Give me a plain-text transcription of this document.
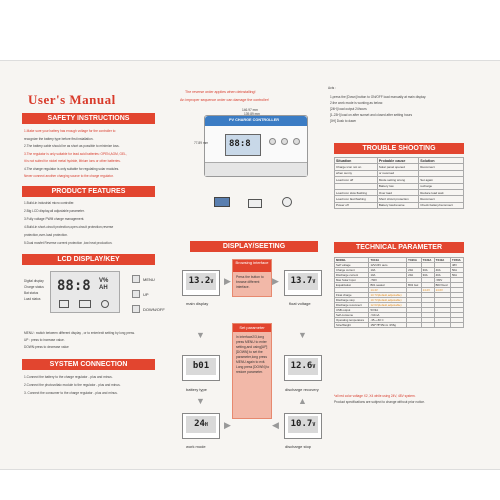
User's Manual
SAFETY INSTRUCTIONS
1.Make sure your battery has enough voltage for the controller to
recognize the battery type before first installation.
2.The battery cable should be as short as possible to minimize loss.
3.The regulator is only suitable for lead acid batteries: OPEN,AGM, GEL,
it is not suited for nickel metal hydride, lithium ions or other batteries.
4.The charge regulator is only suitable for regulating solar modules.
Never connect another charging source to the charge regulator.
PRODUCT FEATURES
1.Build-in industrial micro controller.
2.Big LCD display,all adjustable parameter.
3.Fully voltage PWM charge management.
4.Build-in short-circuit protection,open-circuit protection,reverse
protection,over-load protection.
5.Dual mosfet Reverse current protection ,low heat production.
LCD DISPLAY/KEY
88:8 V%
AH
Digital display
Charge status
Bat status
Load status
MENU
UP
DOWN/OFF
MENU : switch between different display , or to enter/exit setting by long press.
UP : press to increase value.
DOWN:press to decrease value
SYSTEM CONNECTION
1.Connect the battery to the charge regulator - plus and minus.
2.Connect the photovoltaic module to the regulator - plus and minus.
3. Connect the consumer to the charge regulator - plus and minus.
The reverse order applies when deinstalling!
An improper sequence order can damage the controller!
PV CHARGE CONTROLLER
88:8
146.97 mm
139.89 mm
77.89 mm
DISPLAY/SEETING
13.2V
main display
13.7V
float voltage
b01
battery type
12.6V
discharge recovery
24H
work mode
10.7V
discharge stop
▶	▶
▼	▼
▼	▲
▶	◀
Browsing interface
Press the button to browse different interface.
Set parameter
In interface2/3,long press MENU to enter setting,and using[UP] [DOWN] to set the parameter,long press MENU again to exit. Long press [DOWN] to restore parameter.
Acts :
1.press the [Down] button to ON/OFF load manually at main display.
2.the work mode is working as below:
[24H] load output 24hours
[1-23H] load on after sunset and closed after setting hours
[0H] Dusk to dawn
TROUBLE SHOOTING
Situation	Probable cause	Solution
Charge icon not on	Solar panel opened	Reconnect
when sunny	or reversed	
Load icon off	Mode setting wrong	Set again
	Battery low	recharge
Load icon slow flashing	Over load	Reduce load watt
Load icon fast flashing	Short circuit protection	Reconnect
Power off	Battery low/reverse	Check battery/reconnect
TECHNICAL PARAMETER
MODEL	TX10A	TX20A	TX30A	TX40A	TX50A
Self voltage	12V/24V auto				48V
Charge current	10A	20A	30A	40A	50A
Discharge current	10A	20A	30A	40A	50A
Max Solar Input	<50V			<80V	
Equalization	B01 sealed	B02 Gel		B03 flood	
	14.4V		14.2V	14.6V	
Float charge	13.7V(default,adjustable)				
Discharge stop	10.7V(default,adjustable)				
Discharge reconnect	12.6V(default,adjustable)				
USB output	5V/3A				
Self-consume	<10mA				
Operating temperature	-35~+60 C				
Size/Weight	150*78*35mm /156g				
*all red color voltage X2 ,X4 while using 24V, 48V system.
Product specifications are subject to change without prior notice.
